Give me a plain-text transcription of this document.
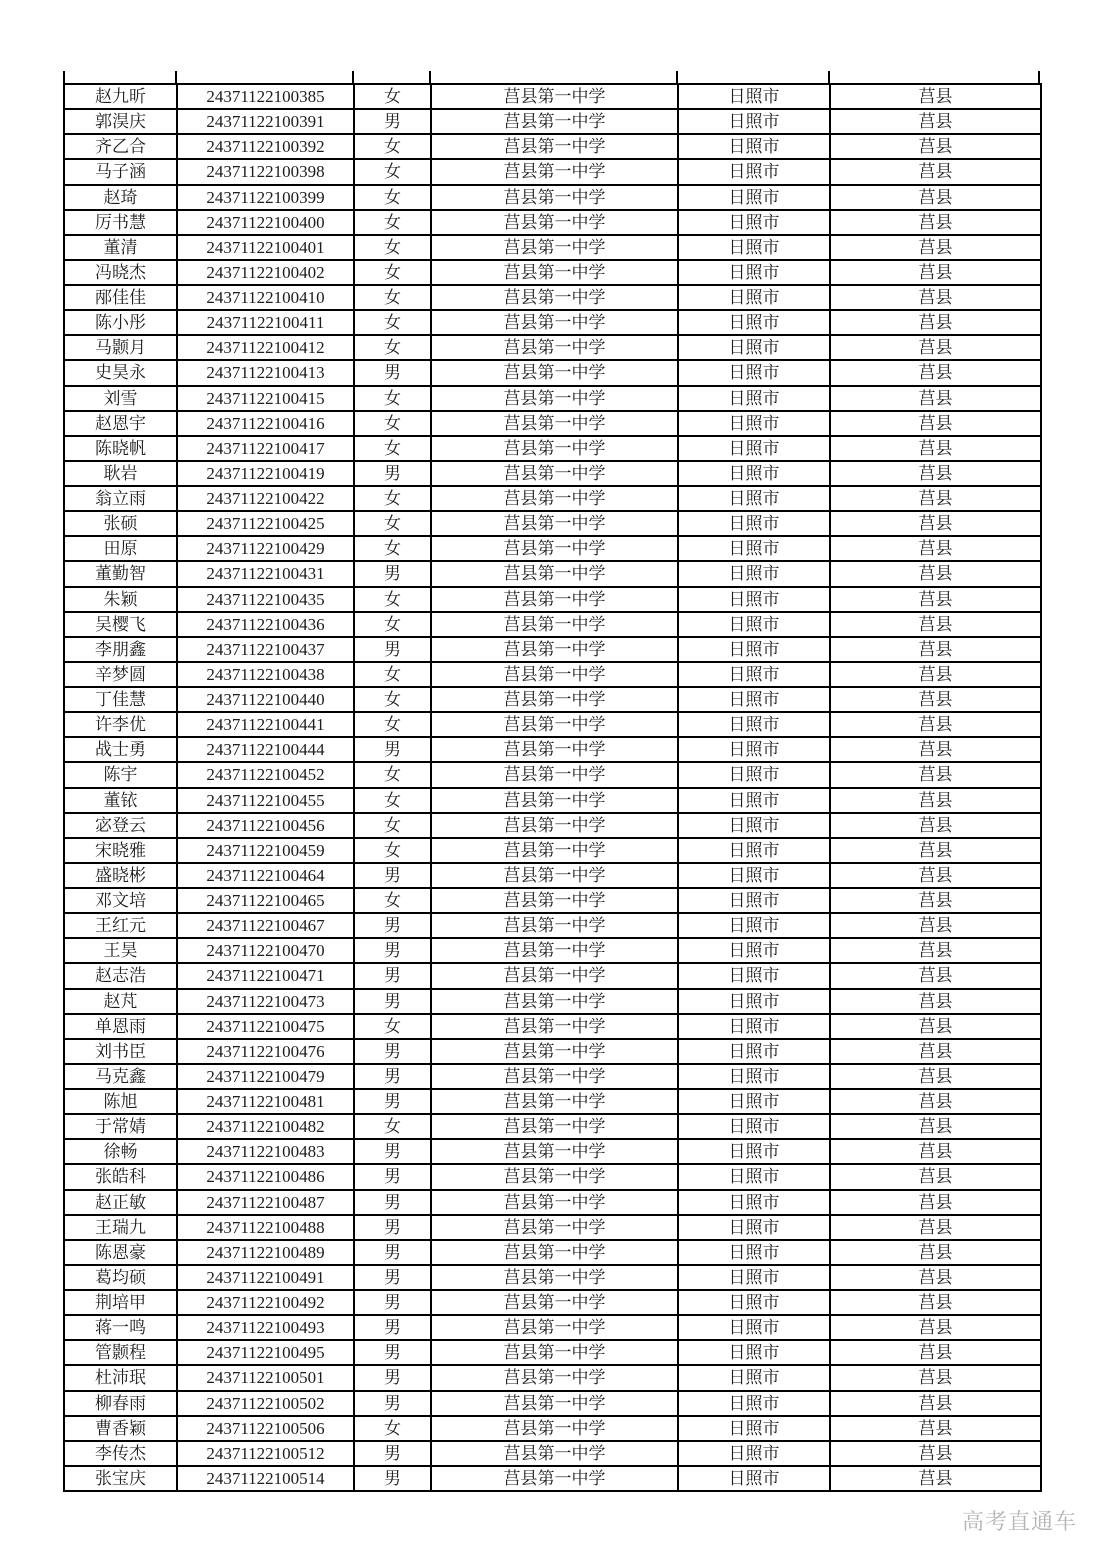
赵九昕	24371122100385	女	莒县第一中学	日照市	莒县
郭淏庆	24371122100391	男	莒县第一中学	日照市	莒县
齐乙合	24371122100392	女	莒县第一中学	日照市	莒县
马子涵	24371122100398	女	莒县第一中学	日照市	莒县
赵琦	24371122100399	女	莒县第一中学	日照市	莒县
厉书慧	24371122100400	女	莒县第一中学	日照市	莒县
董清	24371122100401	女	莒县第一中学	日照市	莒县
冯晓杰	24371122100402	女	莒县第一中学	日照市	莒县
邴佳佳	24371122100410	女	莒县第一中学	日照市	莒县
陈小彤	24371122100411	女	莒县第一中学	日照市	莒县
马颢月	24371122100412	女	莒县第一中学	日照市	莒县
史昊永	24371122100413	男	莒县第一中学	日照市	莒县
刘雪	24371122100415	女	莒县第一中学	日照市	莒县
赵恩宇	24371122100416	女	莒县第一中学	日照市	莒县
陈晓帆	24371122100417	女	莒县第一中学	日照市	莒县
耿岩	24371122100419	男	莒县第一中学	日照市	莒县
翁立雨	24371122100422	女	莒县第一中学	日照市	莒县
张硕	24371122100425	女	莒县第一中学	日照市	莒县
田原	24371122100429	女	莒县第一中学	日照市	莒县
董勤智	24371122100431	男	莒县第一中学	日照市	莒县
朱颖	24371122100435	女	莒县第一中学	日照市	莒县
吴樱飞	24371122100436	女	莒县第一中学	日照市	莒县
李朋鑫	24371122100437	男	莒县第一中学	日照市	莒县
辛梦圆	24371122100438	女	莒县第一中学	日照市	莒县
丁佳慧	24371122100440	女	莒县第一中学	日照市	莒县
许李优	24371122100441	女	莒县第一中学	日照市	莒县
战士勇	24371122100444	男	莒县第一中学	日照市	莒县
陈宇	24371122100452	女	莒县第一中学	日照市	莒县
董铱	24371122100455	女	莒县第一中学	日照市	莒县
宓登云	24371122100456	女	莒县第一中学	日照市	莒县
宋晓雅	24371122100459	女	莒县第一中学	日照市	莒县
盛晓彬	24371122100464	男	莒县第一中学	日照市	莒县
邓文培	24371122100465	女	莒县第一中学	日照市	莒县
王红元	24371122100467	男	莒县第一中学	日照市	莒县
王昊	24371122100470	男	莒县第一中学	日照市	莒县
赵志浩	24371122100471	男	莒县第一中学	日照市	莒县
赵芃	24371122100473	男	莒县第一中学	日照市	莒县
单恩雨	24371122100475	女	莒县第一中学	日照市	莒县
刘书臣	24371122100476	男	莒县第一中学	日照市	莒县
马克鑫	24371122100479	男	莒县第一中学	日照市	莒县
陈旭	24371122100481	男	莒县第一中学	日照市	莒县
于常婧	24371122100482	女	莒县第一中学	日照市	莒县
徐畅	24371122100483	男	莒县第一中学	日照市	莒县
张皓科	24371122100486	男	莒县第一中学	日照市	莒县
赵正敏	24371122100487	男	莒县第一中学	日照市	莒县
王瑞九	24371122100488	男	莒县第一中学	日照市	莒县
陈恩豪	24371122100489	男	莒县第一中学	日照市	莒县
葛均硕	24371122100491	男	莒县第一中学	日照市	莒县
荆培甲	24371122100492	男	莒县第一中学	日照市	莒县
蒋一鸣	24371122100493	男	莒县第一中学	日照市	莒县
管颢程	24371122100495	男	莒县第一中学	日照市	莒县
杜沛珉	24371122100501	男	莒县第一中学	日照市	莒县
柳春雨	24371122100502	男	莒县第一中学	日照市	莒县
曹香颖	24371122100506	女	莒县第一中学	日照市	莒县
李传杰	24371122100512	男	莒县第一中学	日照市	莒县
张宝庆	24371122100514	男	莒县第一中学	日照市	莒县
高考直通车
